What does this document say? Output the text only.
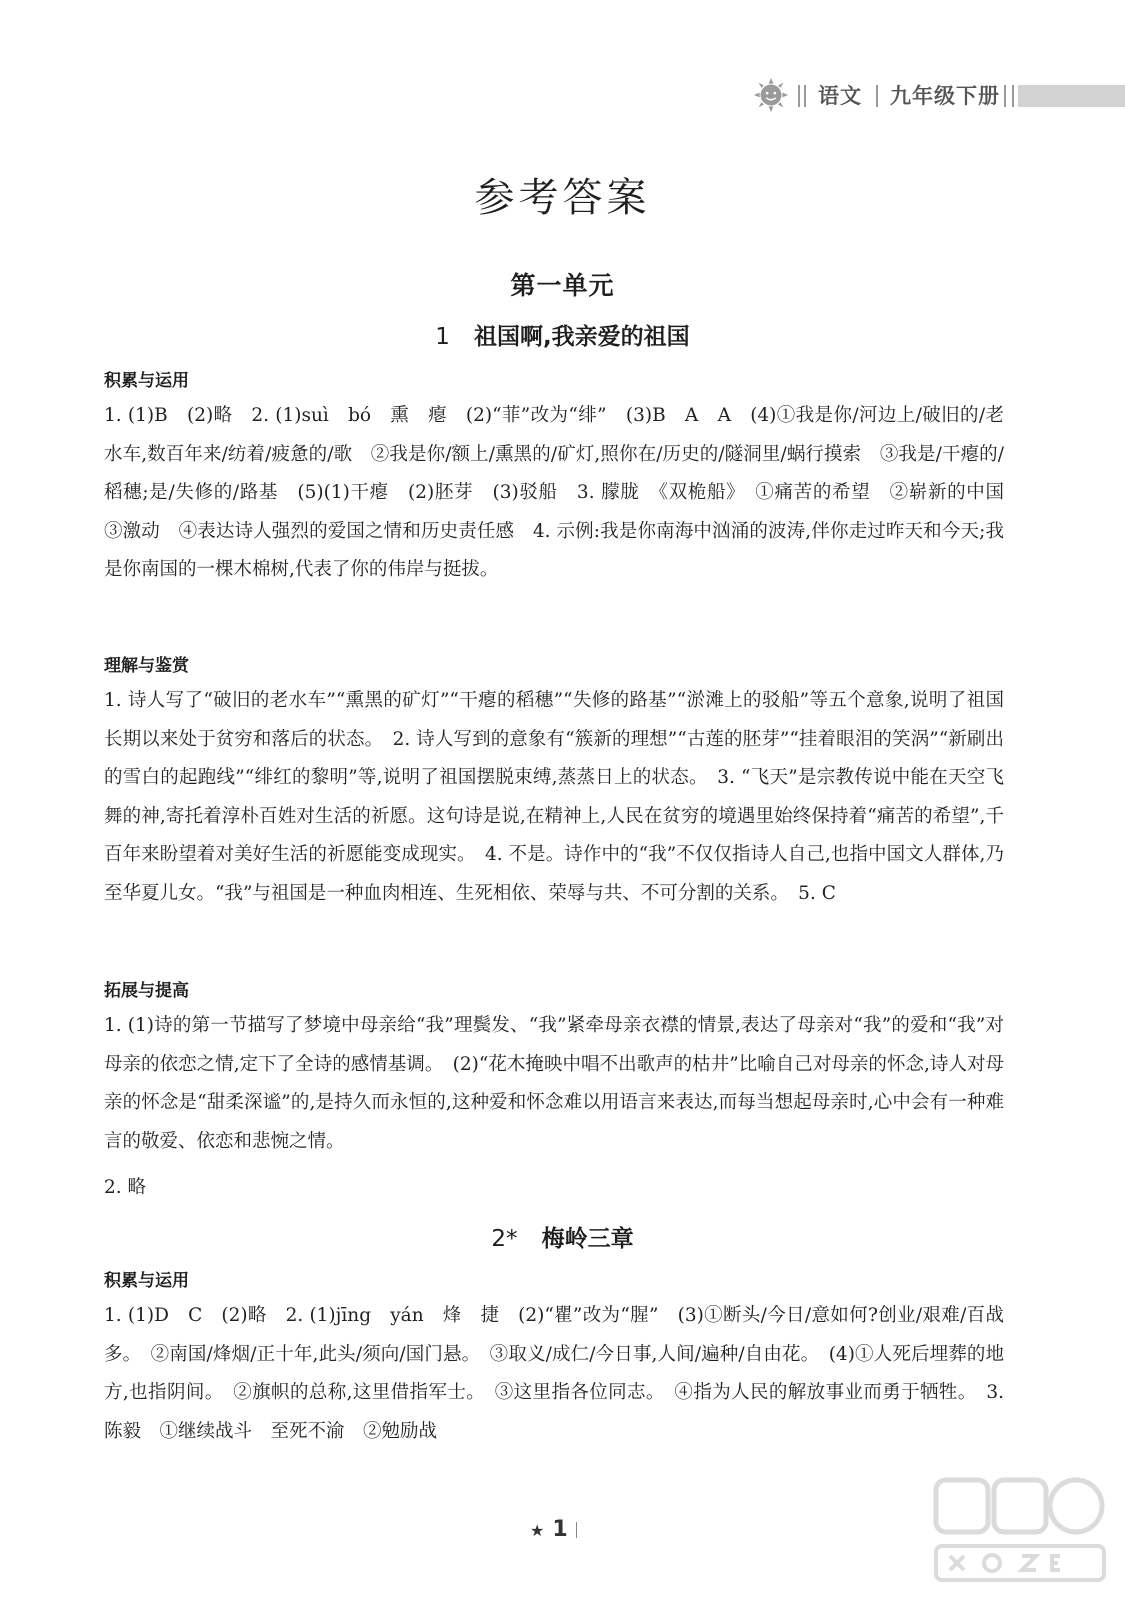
语文 九年级下册
参考答案
第一单元
1 祖国啊,我亲爱的祖国
积累与运用

1. (1)B　(2)略　2. (1)suì　bó　熏　瘪　(2)“菲”改为“绯”　(3)B　A　A　(4)①我是你/河边上/破旧的/老水车,数百年来/纺着/疲惫的/歌　②我是你/额上/熏黑的/矿灯,照你在/历史的/隧洞里/蜗行摸索　③我是/干瘪的/稻穗;是/失修的/路基　(5)(1)干瘪　(2)胚芽　(3)驳船　3. 朦胧　《双桅船》　①痛苦的希望　②崭新的中国　③激动　④表达诗人强烈的爱国之情和历史责任感　4. 示例:我是你南海中汹涌的波涛,伴你走过昨天和今天;我是你南国的一棵木棉树,代表了你的伟岸与挺拔。

理解与鉴赏

1. 诗人写了“破旧的老水车”“熏黑的矿灯”“干瘪的稻穗”“失修的路基”“淤滩上的驳船”等五个意象,说明了祖国长期以来处于贫穷和落后的状态。　2. 诗人写到的意象有“簇新的理想”“古莲的胚芽”“挂着眼泪的笑涡”“新刷出的雪白的起跑线”“绯红的黎明”等,说明了祖国摆脱束缚,蒸蒸日上的状态。　3. “飞天”是宗教传说中能在天空飞舞的神,寄托着淳朴百姓对生活的祈愿。这句诗是说,在精神上,人民在贫穷的境遇里始终保持着“痛苦的希望”,千百年来盼望着对美好生活的祈愿能变成现实。　4. 不是。诗作中的“我”不仅仅指诗人自己,也指中国文人群体,乃至华夏儿女。“我”与祖国是一种血肉相连、生死相依、荣辱与共、不可分割的关系。　5. C

拓展与提高

1. (1)诗的第一节描写了梦境中母亲给“我”理鬓发、“我”紧牵母亲衣襟的情景,表达了母亲对“我”的爱和“我”对母亲的依恋之情,定下了全诗的感情基调。　(2)“花木掩映中唱不出歌声的枯井”比喻自己对母亲的怀念,诗人对母亲的怀念是“甜柔深谧”的,是持久而永恒的,这种爱和怀念难以用语言来表达,而每当想起母亲时,心中会有一种难言的敬爱、依恋和悲惋之情。

2. 略

2* 梅岭三章
积累与运用

1. (1)D　C　(2)略　2. (1)jīng　yán　烽　捷　(2)“瞿”改为“腥”　(3)①断头/今日/意如何?创业/艰难/百战多。　②南国/烽烟/正十年,此头/须向/国门悬。　③取义/成仁/今日事,人间/遍种/自由花。　(4)①人死后埋葬的地方,也指阴间。　②旗帜的总称,这里借指军士。　③这里指各位同志。　④指为人民的解放事业而勇于牺牲。　3. 陈毅　①继续战斗　至死不渝　②勉励战

★ 1
